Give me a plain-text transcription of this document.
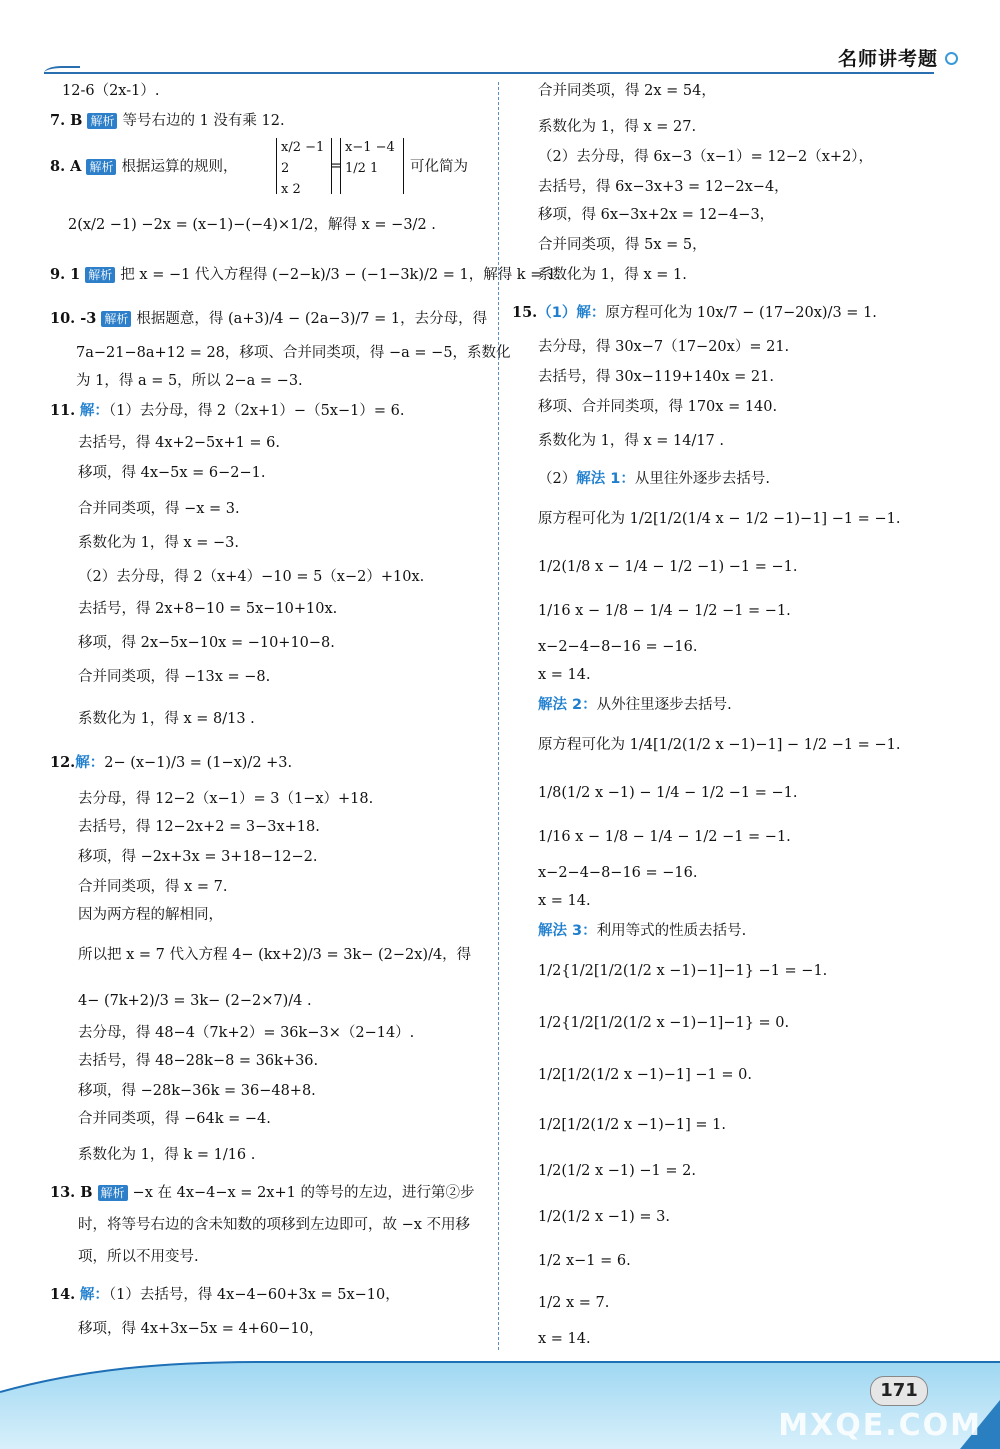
名师讲考题
12-6（2x-1）.
7. B 解析 等号右边的 1 没有乘 12.
8. A 解析 根据运算的规则，
x/2 −1 2
x 2
=
x−1 −4
1/2 1	可化简为
2(x/2 −1) −2x = (x−1)−(−4)×1/2，解得 x = −3/2 .
9. 1 解析 把 x = −1 代入方程得 (−2−k)/3 − (−1−3k)/2 = 1，解得 k = 1.
10. -3 解析 根据题意，得 (a+3)/4 − (2a−3)/7 = 1，去分母，得
7a−21−8a+12 = 28，移项、合并同类项，得 −a = −5，系数化
为 1，得 a = 5，所以 2−a = −3.
11. 解：（1）去分母，得 2（2x+1）−（5x−1）= 6.
去括号，得 4x+2−5x+1 = 6.
移项，得 4x−5x = 6−2−1.
合并同类项，得 −x = 3.
系数化为 1，得 x = −3.
（2）去分母，得 2（x+4）−10 = 5（x−2）+10x.
去括号，得 2x+8−10 = 5x−10+10x.
移项，得 2x−5x−10x = −10+10−8.
合并同类项，得 −13x = −8.
系数化为 1，得 x = 8/13 .
12.解：2− (x−1)/3 = (1−x)/2 +3.
去分母，得 12−2（x−1）= 3（1−x）+18.
去括号，得 12−2x+2 = 3−3x+18.
移项，得 −2x+3x = 3+18−12−2.
合并同类项，得 x = 7.
因为两方程的解相同，
所以把 x = 7 代入方程 4− (kx+2)/3 = 3k− (2−2x)/4，得
4− (7k+2)/3 = 3k− (2−2×7)/4 .
去分母，得 48−4（7k+2）= 36k−3×（2−14）.
去括号，得 48−28k−8 = 36k+36.
移项，得 −28k−36k = 36−48+8.
合并同类项，得 −64k = −4.
系数化为 1，得 k = 1/16 .
13. B 解析 −x 在 4x−4−x = 2x+1 的等号的左边，进行第②步
时，将等号右边的含未知数的项移到左边即可，故 −x 不用移
项，所以不用变号.
14. 解：（1）去括号，得 4x−4−60+3x = 5x−10，
移项，得 4x+3x−5x = 4+60−10，
合并同类项，得 2x = 54，
系数化为 1，得 x = 27.
（2）去分母，得 6x−3（x−1）= 12−2（x+2），
去括号，得 6x−3x+3 = 12−2x−4，
移项，得 6x−3x+2x = 12−4−3，
合并同类项，得 5x = 5，
系数化为 1，得 x = 1.
15.（1）解：原方程可化为 10x/7 − (17−20x)/3 = 1.
去分母，得 30x−7（17−20x）= 21.
去括号，得 30x−119+140x = 21.
移项、合并同类项，得 170x = 140.
系数化为 1，得 x = 14/17 .
（2）解法 1：从里往外逐步去括号.
原方程可化为 1/2[1/2(1/4 x − 1/2 −1)−1] −1 = −1.
1/2(1/8 x − 1/4 − 1/2 −1) −1 = −1.
1/16 x − 1/8 − 1/4 − 1/2 −1 = −1.
x−2−4−8−16 = −16.
x = 14.
解法 2：从外往里逐步去括号.
原方程可化为 1/4[1/2(1/2 x −1)−1] − 1/2 −1 = −1.
1/8(1/2 x −1) − 1/4 − 1/2 −1 = −1.
1/16 x − 1/8 − 1/4 − 1/2 −1 = −1.
x−2−4−8−16 = −16.
x = 14.
解法 3：利用等式的性质去括号.
1/2{1/2[1/2(1/2 x −1)−1]−1} −1 = −1.
1/2{1/2[1/2(1/2 x −1)−1]−1} = 0.
1/2[1/2(1/2 x −1)−1] −1 = 0.
1/2[1/2(1/2 x −1)−1] = 1.
1/2(1/2 x −1) −1 = 2.
1/2(1/2 x −1) = 3.
1/2 x−1 = 6.
1/2 x = 7.
x = 14.
171
MXQE.COM
